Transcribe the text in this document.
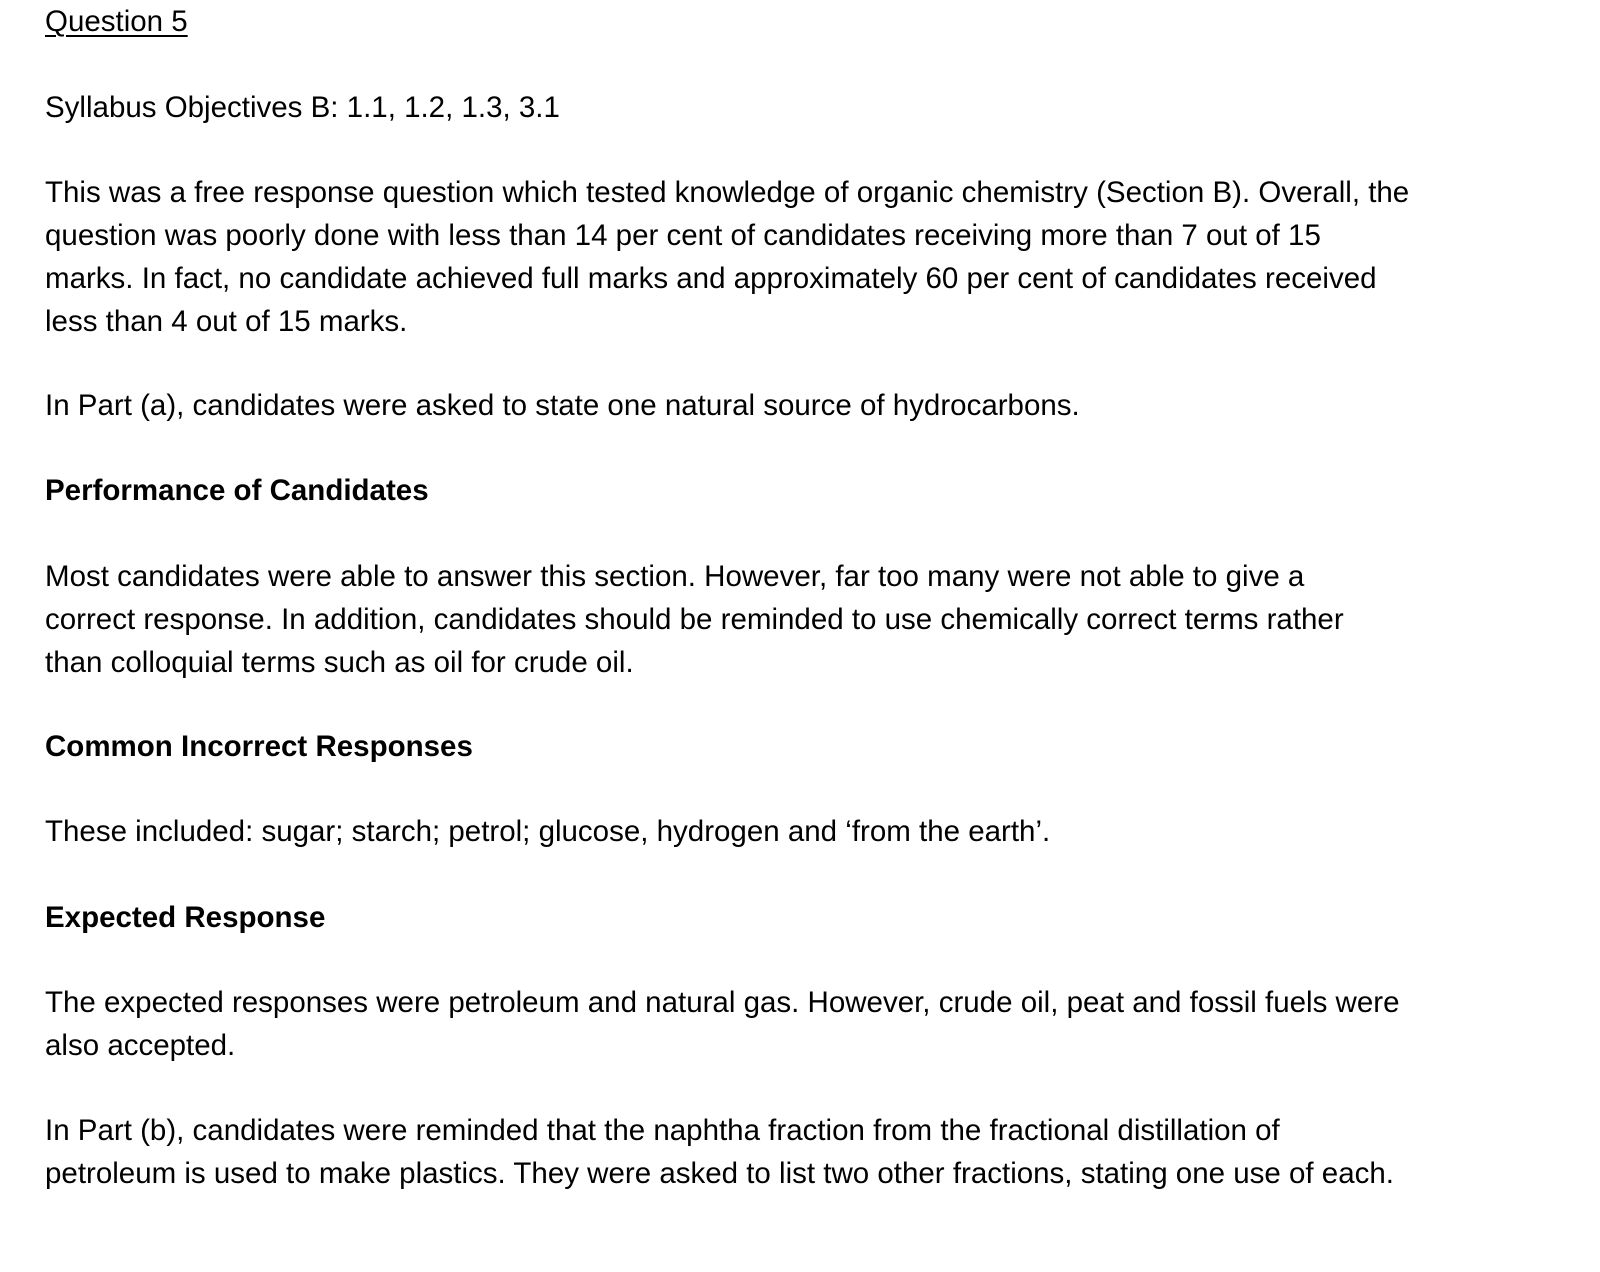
Question 5
Syllabus Objectives B: 1.1, 1.2, 1.3, 3.1
This was a free response question which tested knowledge of organic chemistry (Section B). Overall, the
question was poorly done with less than 14 per cent of candidates receiving more than 7 out of 15
marks. In fact, no candidate achieved full marks and approximately 60 per cent of candidates received
less than 4 out of 15 marks.
In Part (a), candidates were asked to state one natural source of hydrocarbons.
Performance of Candidates
Most candidates were able to answer this section. However, far too many were not able to give a
correct response. In addition, candidates should be reminded to use chemically correct terms rather
than colloquial terms such as oil for crude oil.
Common Incorrect Responses
These included: sugar; starch; petrol; glucose, hydrogen and ‘from the earth’.
Expected Response
The expected responses were petroleum and natural gas. However, crude oil, peat and fossil fuels were
also accepted.
In Part (b), candidates were reminded that the naphtha fraction from the fractional distillation of
petroleum is used to make plastics. They were asked to list two other fractions, stating one use of each.
